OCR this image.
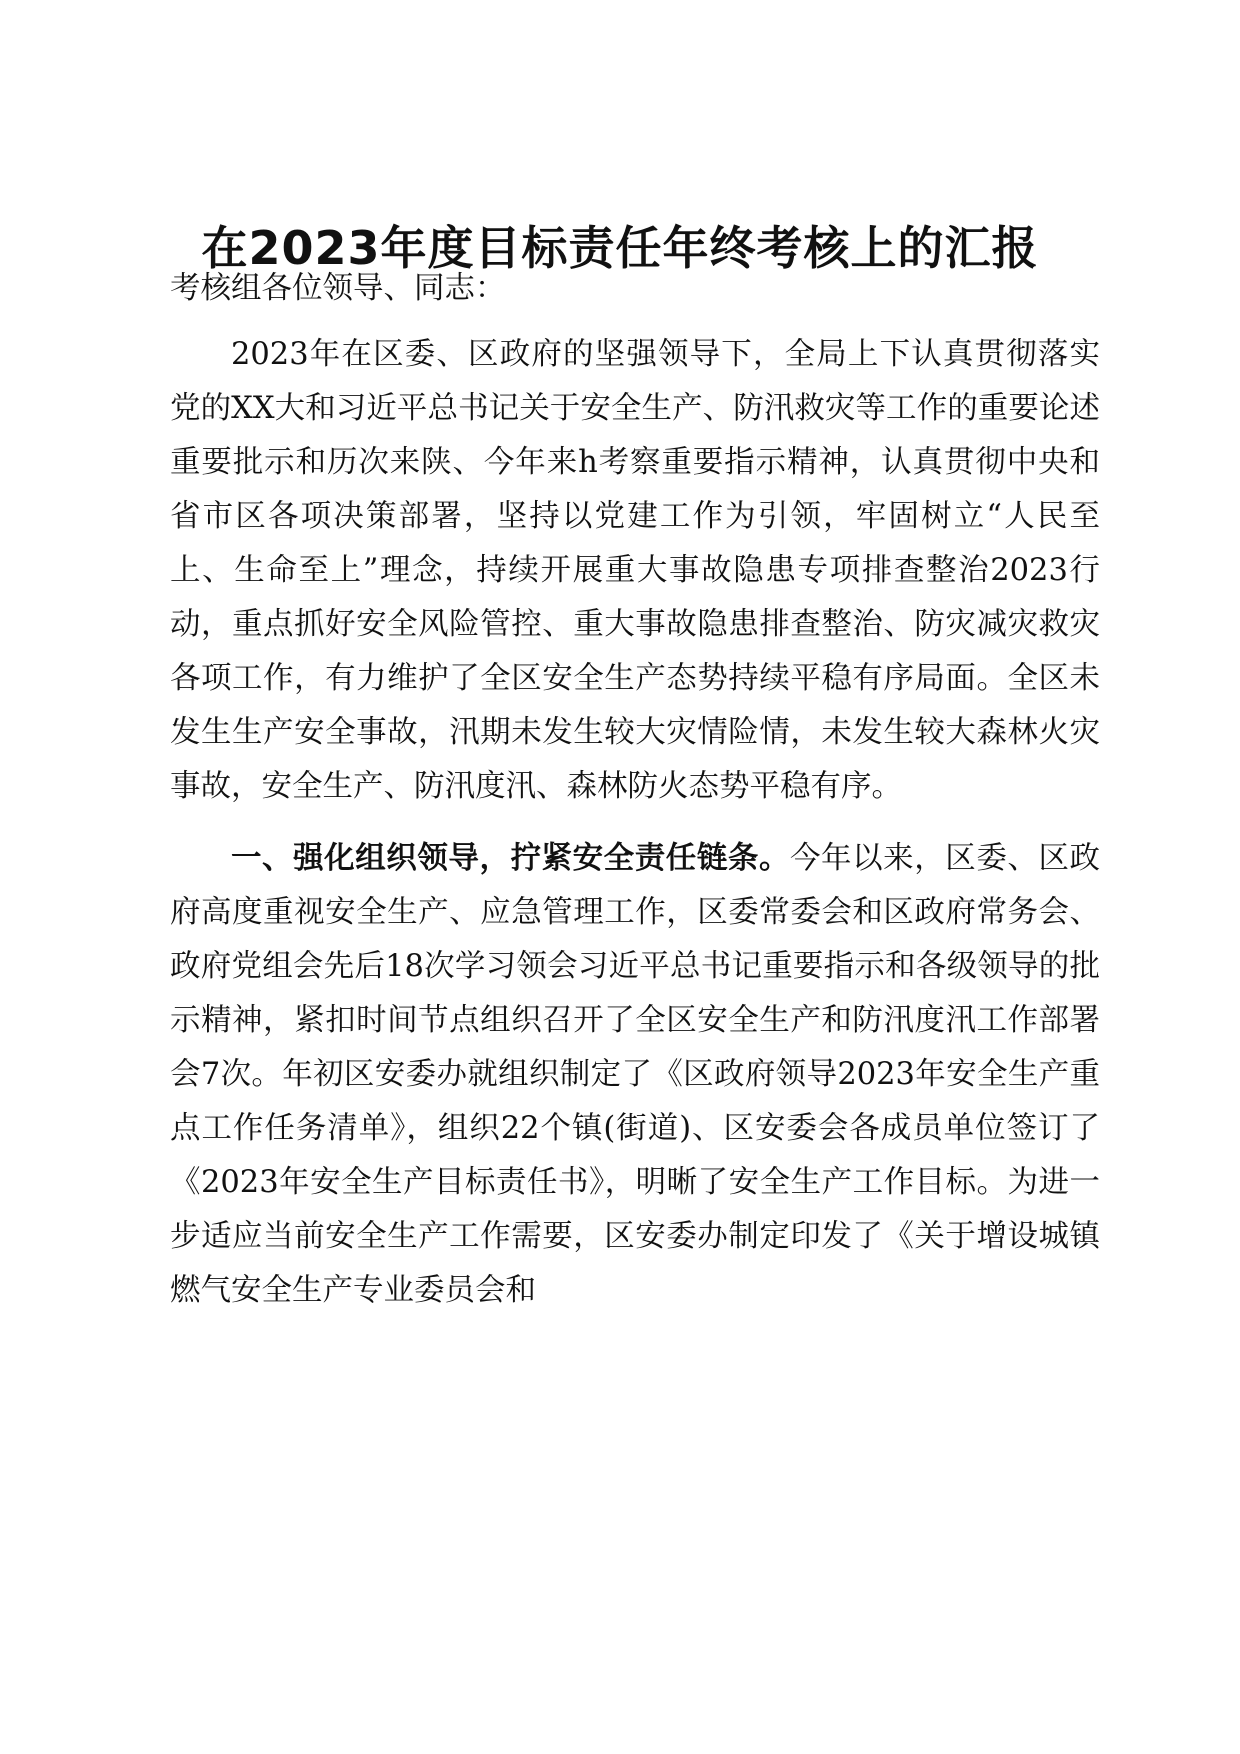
在2023年度目标责任年终考核上的汇报

考核组各位领导、同志：

2023年在区委、区政府的坚强领导下，全局上下认真贯彻落实党的XX大和习近平总书记关于安全生产、防汛救灾等工作的重要论述重要批示和历次来陕、今年来h考察重要指示精神，认真贯彻中央和省市区各项决策部署，坚持以党建工作为引领，牢固树立“人民至上、生命至上”理念，持续开展重大事故隐患专项排查整治2023行动，重点抓好安全风险管控、重大事故隐患排查整治、防灾减灾救灾各项工作，有力维护了全区安全生产态势持续平稳有序局面。全区未发生生产安全事故，汛期未发生较大灾情险情，未发生较大森林火灾事故，安全生产、防汛度汛、森林防火态势平稳有序。

一、强化组织领导，拧紧安全责任链条。今年以来，区委、区政府高度重视安全生产、应急管理工作，区委常委会和区政府常务会、政府党组会先后18次学习领会习近平总书记重要指示和各级领导的批示精神，紧扣时间节点组织召开了全区安全生产和防汛度汛工作部署会7次。年初区安委办就组织制定了《区政府领导2023年安全生产重点工作任务清单》，组织22个镇(街道)、区安委会各成员单位签订了《2023年安全生产目标责任书》，明晰了安全生产工作目标。为进一步适应当前安全生产工作需要，区安委办制定印发了《关于增设城镇燃气安全生产专业委员会和
